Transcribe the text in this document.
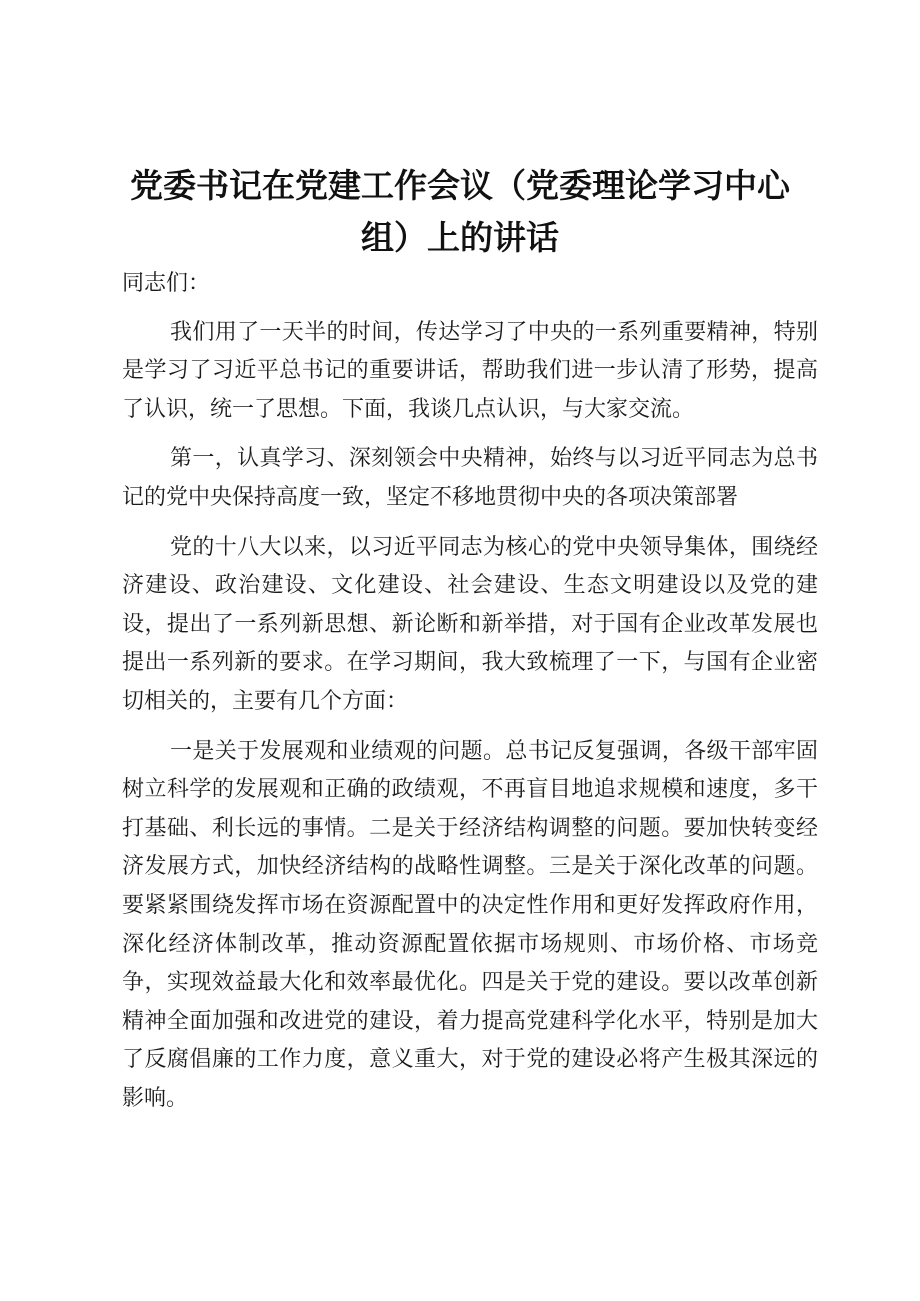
党委书记在党建工作会议（党委理论学习中心
组）上的讲话

同志们：

我们用了一天半的时间，传达学习了中央的一系列重要精神，特别是学习了习近平总书记的重要讲话，帮助我们进一步认清了形势，提高了认识，统一了思想。下面，我谈几点认识，与大家交流。

第一，认真学习、深刻领会中央精神，始终与以习近平同志为总书记的党中央保持高度一致，坚定不移地贯彻中央的各项决策部署

党的十八大以来，以习近平同志为核心的党中央领导集体，围绕经济建设、政治建设、文化建设、社会建设、生态文明建设以及党的建设，提出了一系列新思想、新论断和新举措，对于国有企业改革发展也提出一系列新的要求。在学习期间，我大致梳理了一下，与国有企业密切相关的，主要有几个方面：

一是关于发展观和业绩观的问题。总书记反复强调，各级干部牢固树立科学的发展观和正确的政绩观，不再盲目地追求规模和速度，多干打基础、利长远的事情。二是关于经济结构调整的问题。要加快转变经济发展方式，加快经济结构的战略性调整。三是关于深化改革的问题。要紧紧围绕发挥市场在资源配置中的决定性作用和更好发挥政府作用，深化经济体制改革，推动资源配置依据市场规则、市场价格、市场竞争，实现效益最大化和效率最优化。四是关于党的建设。要以改革创新精神全面加强和改进党的建设，着力提高党建科学化水平，特别是加大了反腐倡廉的工作力度，意义重大，对于党的建设必将产生极其深远的影响。
